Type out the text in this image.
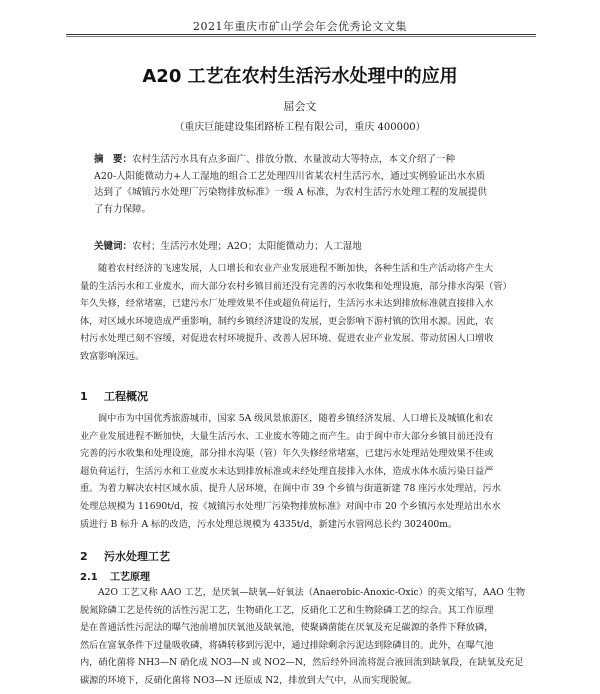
2021年重庆市矿山学会年会优秀论文文集
A20 工艺在农村生活污水处理中的应用
屈会文
（重庆巨能建设集团路桥工程有限公司，重庆 400000）
摘　要：农村生活污水具有点多面广、排放分散、水量波动大等特点，本文介绍了一种
A20-人阳能微动力+人工湿地的组合工艺处理四川省某农村生活污水，通过实例验证出水水质
达到了《城镇污水处理厂污染物排放标准》一级 A 标准，为农村生活污水处理工程的发展提供
了有力保障。
关键词：农村；生活污水处理；A2O；太阳能微动力；人工湿地
随着农村经济的飞速发展，人口增长和农业产业发展进程不断加快，各种生活和生产活动将产生大
量的生活污水和工业废水，而大部分农村乡镇目前还没有完善的污水收集和处理设施，部分排水沟渠（管）
年久失修，经常堵塞，已建污水厂处理效果不佳或超负荷运行，生活污水未达到排放标准就直接排入水
体，对区域水环境造成严重影响，制约乡镇经济建设的发展，更会影响下游村镇的饮用水源。因此，农
村污水处理已刻不容缓，对促进农村环境提升、改善人居环境、促进农业产业发展、带动贫困人口增收
致富影响深远。
1 工程概况
阆中市为中国优秀旅游城市，国家 5A 级风景旅游区，随着乡镇经济发展、人口增长及城镇化和农
业产业发展进程不断加快，大量生活污水、工业废水等随之而产生。由于阆中市大部分乡镇目前还没有
完善的污水收集和处理设施，部分排水沟渠（管）年久失修经常堵塞，已建污水处理站处理效果不佳或
超负荷运行，生活污水和工业废水未达到排放标准或未经处理直接排入水体，造成水体水质污染日益严
重。为着力解决农村区域水质、提升人居环境，在阆中市 39 个乡镇与街道新建 78 座污水处理站，污水
处理总规模为 11690t/d，按《城镇污水处理厂污染物排放标准》对阆中市 20 个乡镇污水处理站出水水
质进行 B 标升 A 标的改造，污水处理总规模为 4335t/d，新建污水管网总长约 302400m。
2 污水处理工艺
2.1 工艺原理
A2O 工艺又称 AAO 工艺，是厌氧—缺氧—好氧法（Anaerobic-Anoxic-Oxic）的英文缩写，AAO 生物
脱氮除磷工艺是传统的活性污泥工艺，生物硝化工艺，反硝化工艺和生物除磷工艺的综合。其工作原理
是在普通活性污泥法的曝气池前增加厌氧池及缺氧池，使聚磷菌能在厌氧及充足碳源的条件下释放磷，
然后在富氧条件下过量吸收磷，将磷转移到污泥中，通过排除剩余污泥达到除磷目的。此外，在曝气池
内，硝化菌将 NH3—N 硝化成 NO3—N 或 NO2—N，然后经外回流将混合液回流到缺氧段，在缺氧及充足
碳源的环境下，反硝化菌将 NO3—N 还原成 N2，排放到大气中，从而实现脱氮。
